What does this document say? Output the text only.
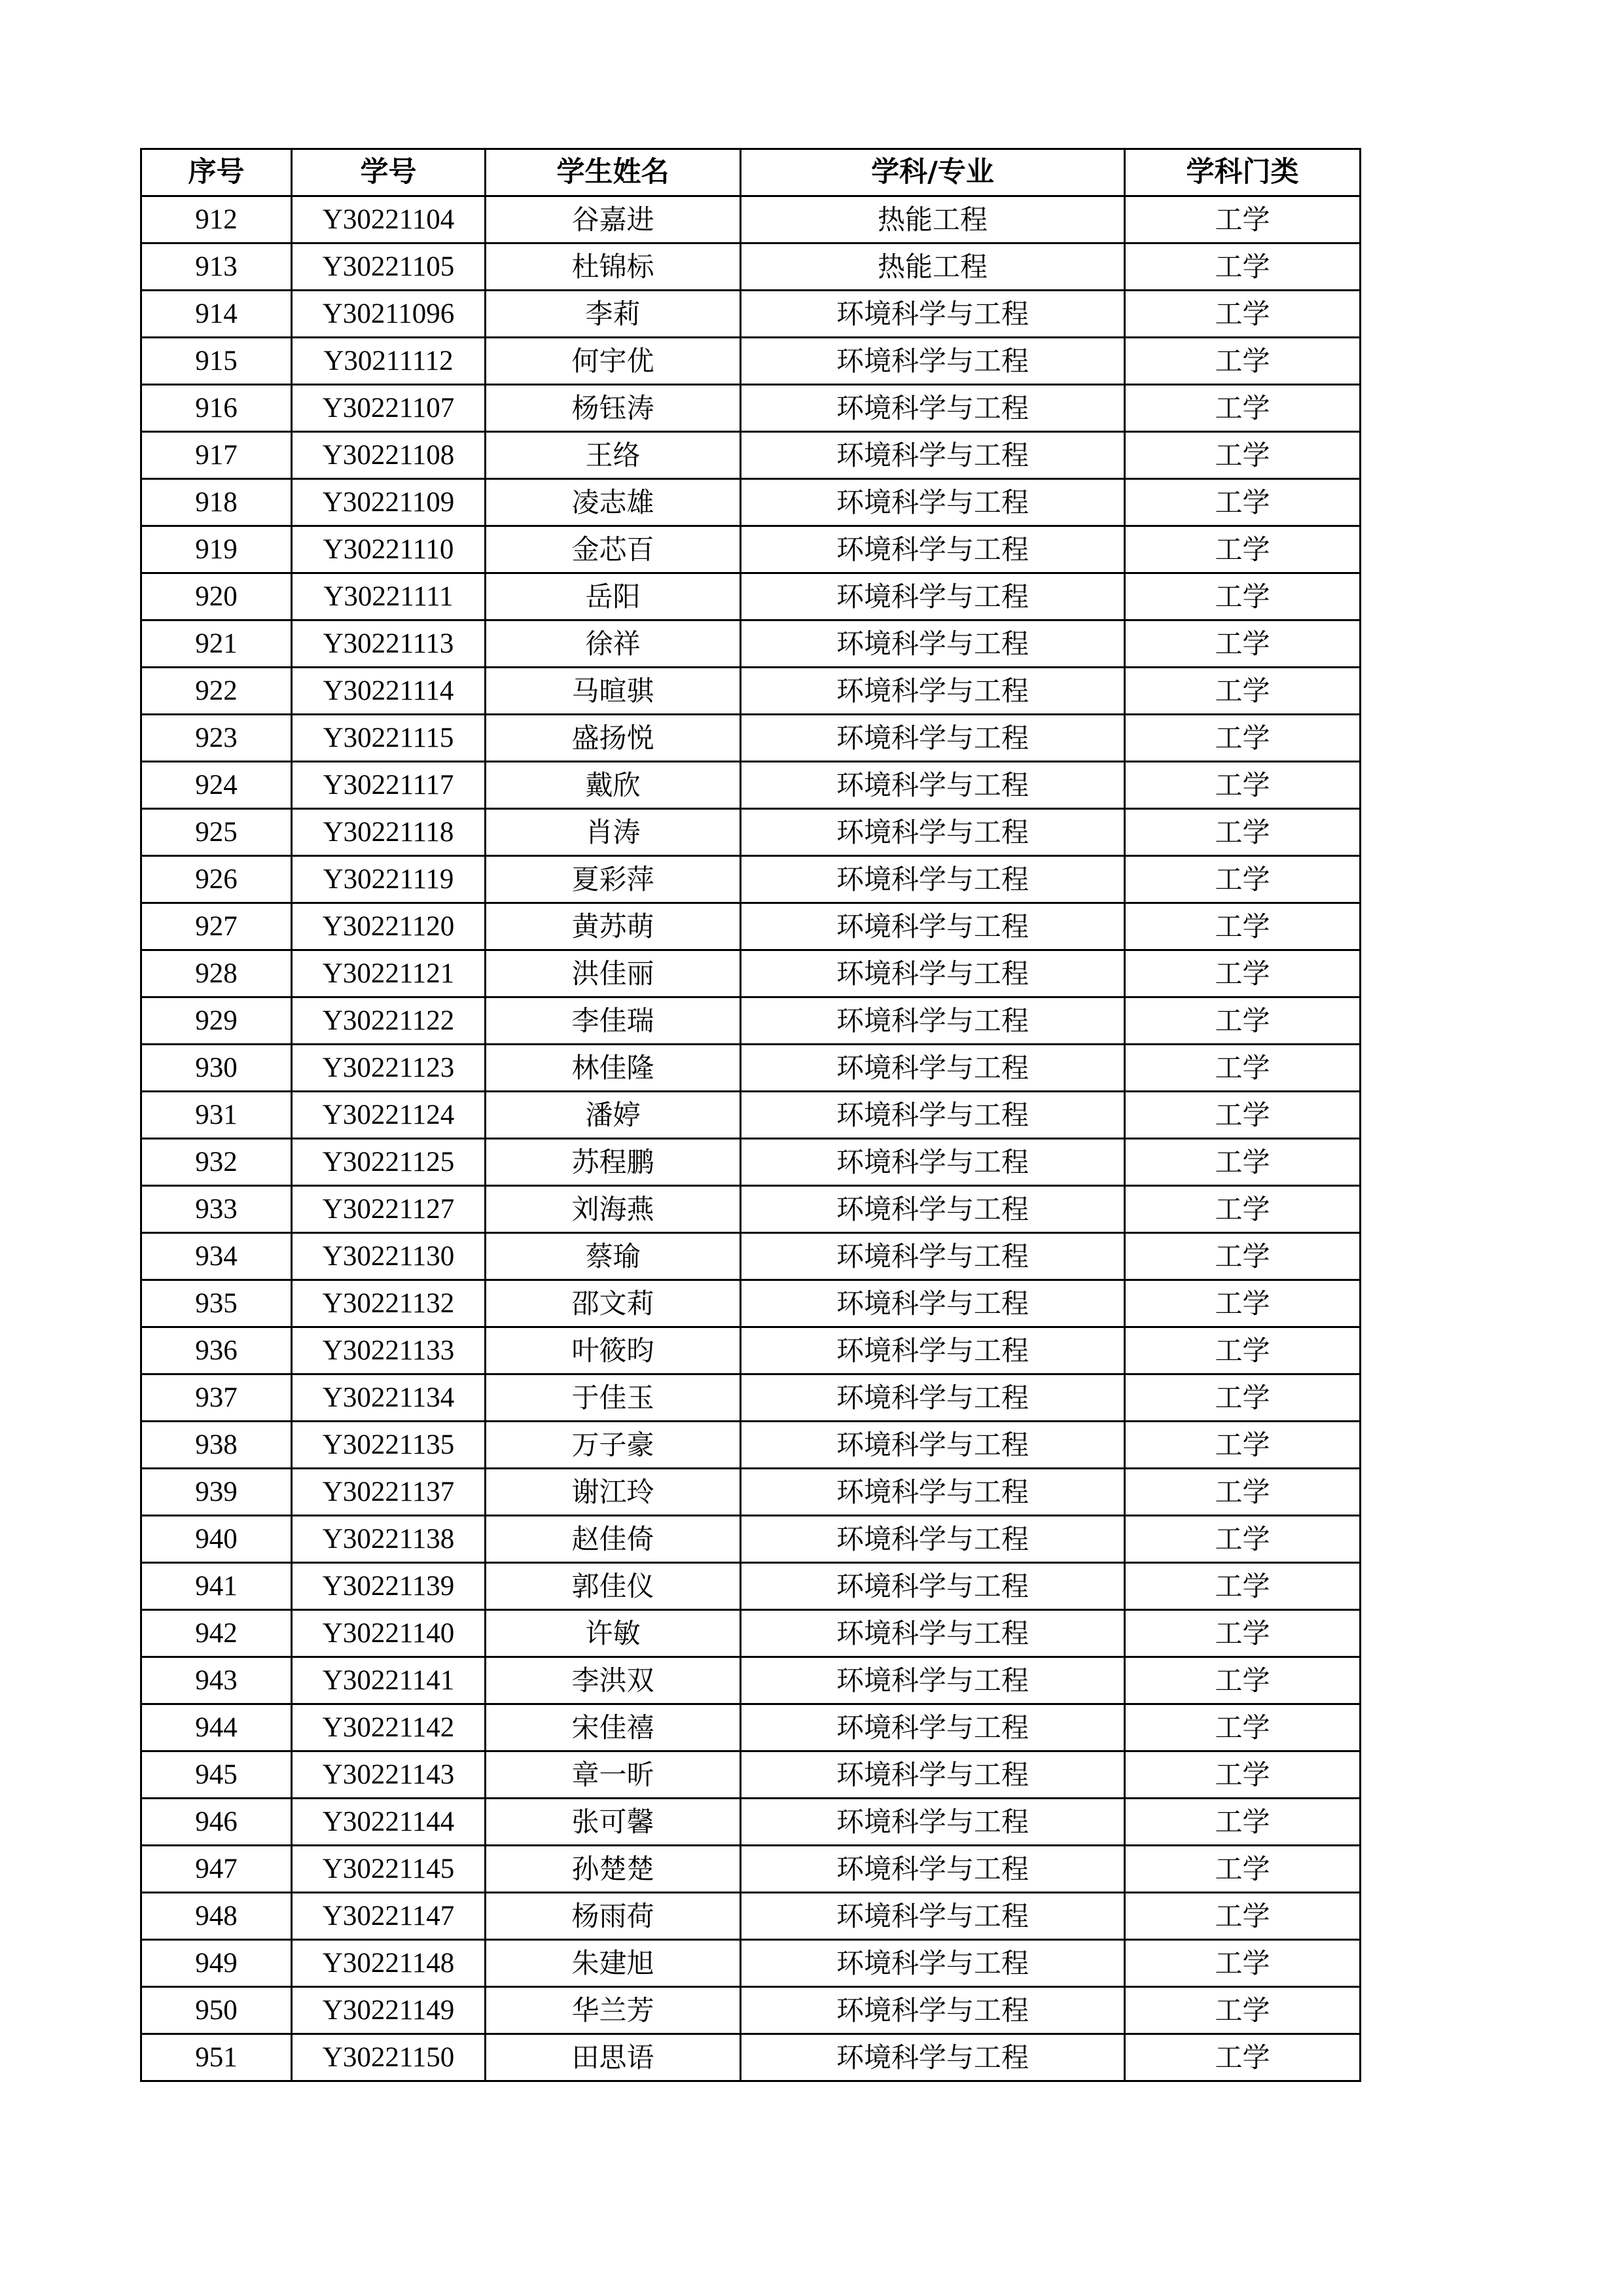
序号	学号	学生姓名	学科/专业	学科门类
912	Y30221104	谷嘉进	热能工程	工学
913	Y30221105	杜锦标	热能工程	工学
914	Y30211096	李莉	环境科学与工程	工学
915	Y30211112	何宇优	环境科学与工程	工学
916	Y30221107	杨钰涛	环境科学与工程	工学
917	Y30221108	王络	环境科学与工程	工学
918	Y30221109	凌志雄	环境科学与工程	工学
919	Y30221110	金芯百	环境科学与工程	工学
920	Y30221111	岳阳	环境科学与工程	工学
921	Y30221113	徐祥	环境科学与工程	工学
922	Y30221114	马暄骐	环境科学与工程	工学
923	Y30221115	盛扬悦	环境科学与工程	工学
924	Y30221117	戴欣	环境科学与工程	工学
925	Y30221118	肖涛	环境科学与工程	工学
926	Y30221119	夏彩萍	环境科学与工程	工学
927	Y30221120	黄苏萌	环境科学与工程	工学
928	Y30221121	洪佳丽	环境科学与工程	工学
929	Y30221122	李佳瑞	环境科学与工程	工学
930	Y30221123	林佳隆	环境科学与工程	工学
931	Y30221124	潘婷	环境科学与工程	工学
932	Y30221125	苏程鹏	环境科学与工程	工学
933	Y30221127	刘海燕	环境科学与工程	工学
934	Y30221130	蔡瑜	环境科学与工程	工学
935	Y30221132	邵文莉	环境科学与工程	工学
936	Y30221133	叶筱昀	环境科学与工程	工学
937	Y30221134	于佳玉	环境科学与工程	工学
938	Y30221135	万子豪	环境科学与工程	工学
939	Y30221137	谢江玲	环境科学与工程	工学
940	Y30221138	赵佳倚	环境科学与工程	工学
941	Y30221139	郭佳仪	环境科学与工程	工学
942	Y30221140	许敏	环境科学与工程	工学
943	Y30221141	李洪双	环境科学与工程	工学
944	Y30221142	宋佳禧	环境科学与工程	工学
945	Y30221143	章一昕	环境科学与工程	工学
946	Y30221144	张可馨	环境科学与工程	工学
947	Y30221145	孙楚楚	环境科学与工程	工学
948	Y30221147	杨雨荷	环境科学与工程	工学
949	Y30221148	朱建旭	环境科学与工程	工学
950	Y30221149	华兰芳	环境科学与工程	工学
951	Y30221150	田思语	环境科学与工程	工学
